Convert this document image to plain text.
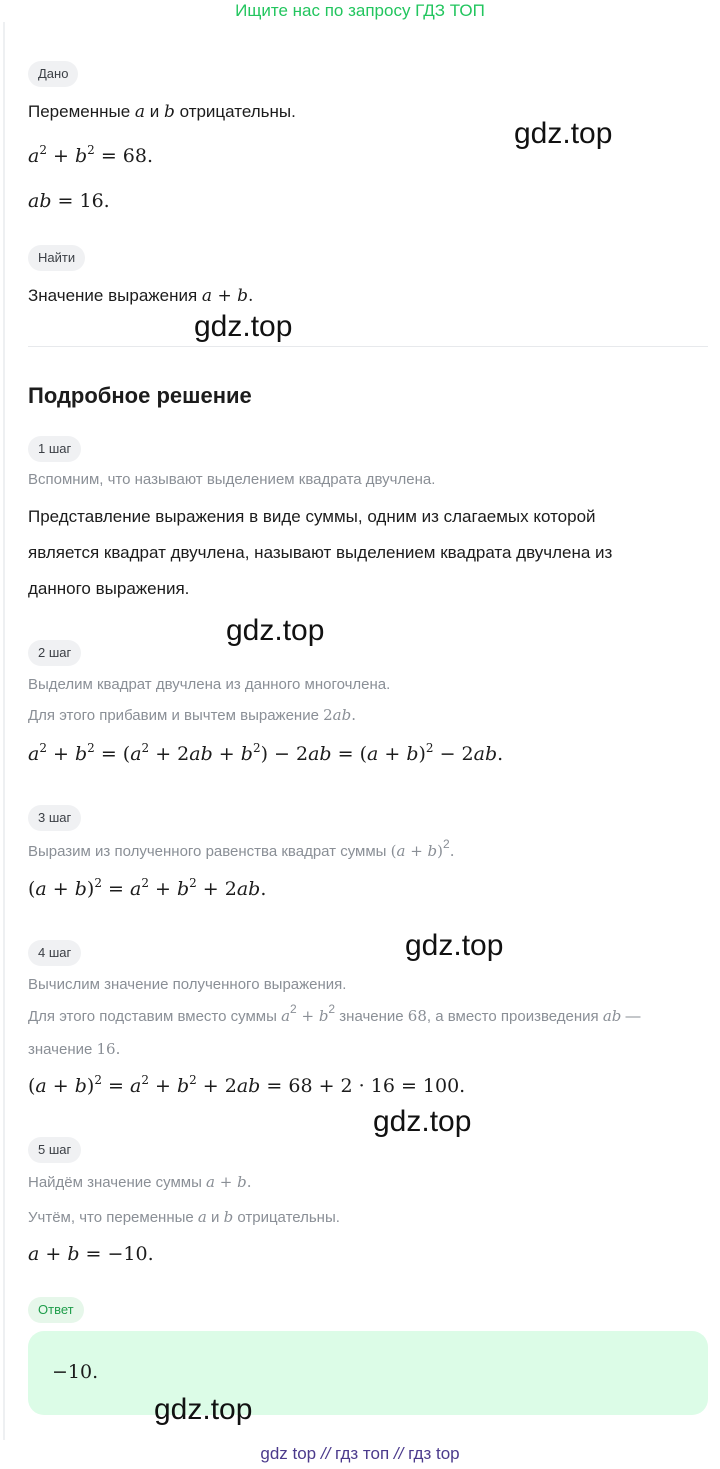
Ищите нас по запросу ГДЗ ТОП
Дано
Переменные a и b отрицательны.
$a^2 + b^2 = 68$.
ab = 16.
Найти
Значение выражения a + b.
Подробное решение
1 шаг
Вспомним, что называют выделением квадрата двучлена.
Представление выражения в виде суммы, одним из слагаемых которой
является квадрат двучлена, называют выделением квадрата двучлена из
данного выражения.
2 шаг
Выделим квадрат двучлена из данного многочлена.
Для этого прибавим и вычтем выражение 2ab.
$a^2 + b^2 = (a^2 + 2ab + b^2) - 2ab = (a + b)^2 - 2ab$.
3 шаг
Выразим из полученного равенства квадрат суммы $(a + b)^2$.
$(a + b)^2 = a^2 + b^2 + 2ab$.
4 шаг
Вычислим значение полученного выражения.
Для этого подставим вместо суммы $a^2 + b^2$ значение 68, а вместо произведения ab —
значение 16.
$(a + b)^2 = a^2 + b^2 + 2ab = 68 + 2 \cdot 16 = 100$.
5 шаг
Найдём значение суммы a + b.
Учтём, что переменные a и b отрицательны.
a + b = −10.
Ответ
−10.
gdz.top
gdz.top
gdz.top
gdz.top
gdz.top
gdz.top
gdz top // гдз топ // гдз top
